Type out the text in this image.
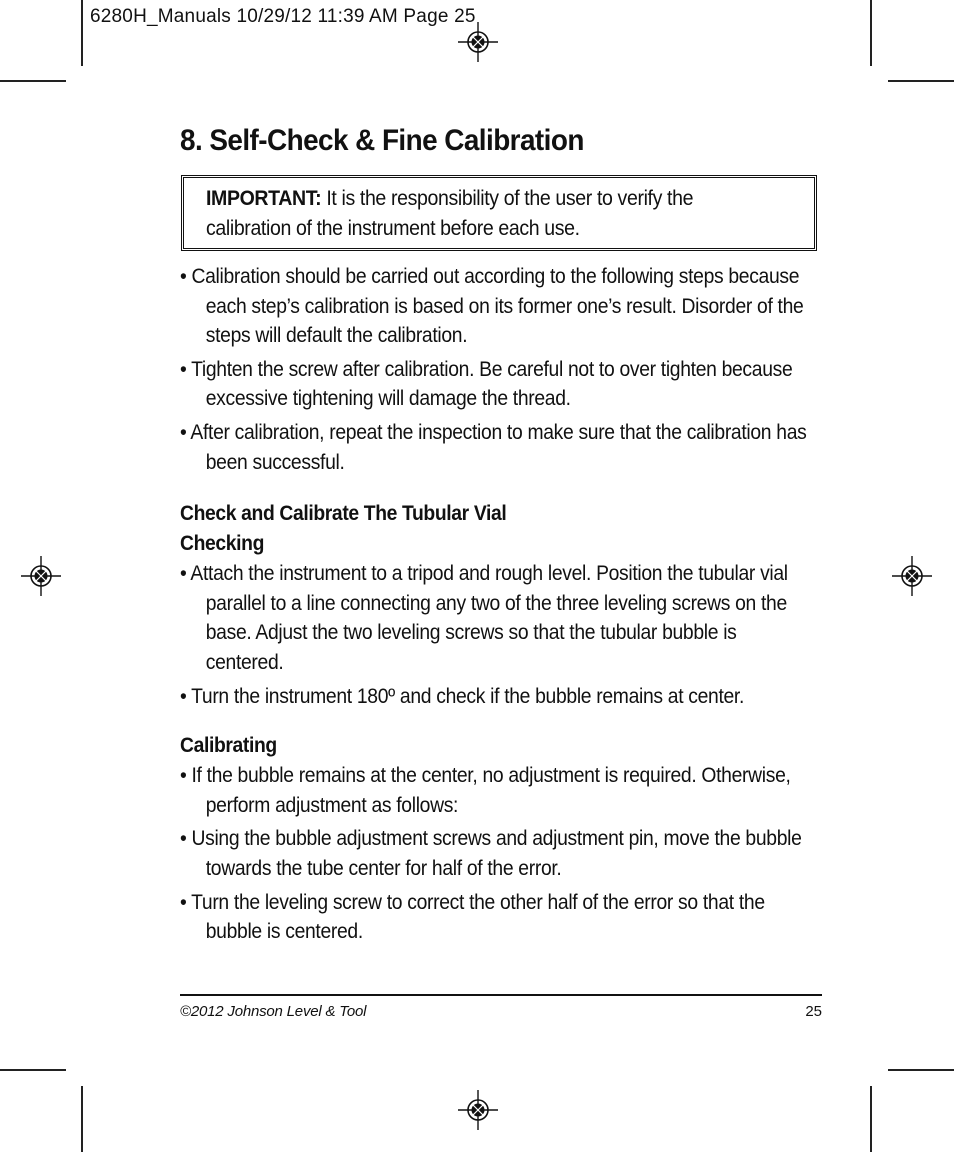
6280H_Manuals 10/29/12 11:39 AM Page 25
8. Self-Check & Fine Calibration
IMPORTANT: It is the responsibility of the user to verify the calibration of the instrument before each use.

• Calibration should be carried out according to the following steps because each step’s calibration is based on its former one’s result. Disorder of the steps will default the calibration.

• Tighten the screw after calibration. Be careful not to over tighten because excessive tightening will damage the thread.

• After calibration, repeat the inspection to make sure that the calibration has been successful.

Check and Calibrate The Tubular Vial

Checking

• Attach the instrument to a tripod and rough level. Position the tubular vial parallel to a line connecting any two of the three leveling screws on the base. Adjust the two leveling screws so that the tubular bubble is centered.

• Turn the instrument 180º and check if the bubble remains at center.

Calibrating

• If the bubble remains at the center, no adjustment is required. Otherwise, perform adjustment as follows:

• Using the bubble adjustment screws and adjustment pin, move the bubble towards the tube center for half of the error.

• Turn the leveling screw to correct the other half of the error so that the bubble is centered.

©2012 Johnson Level & Tool	25
